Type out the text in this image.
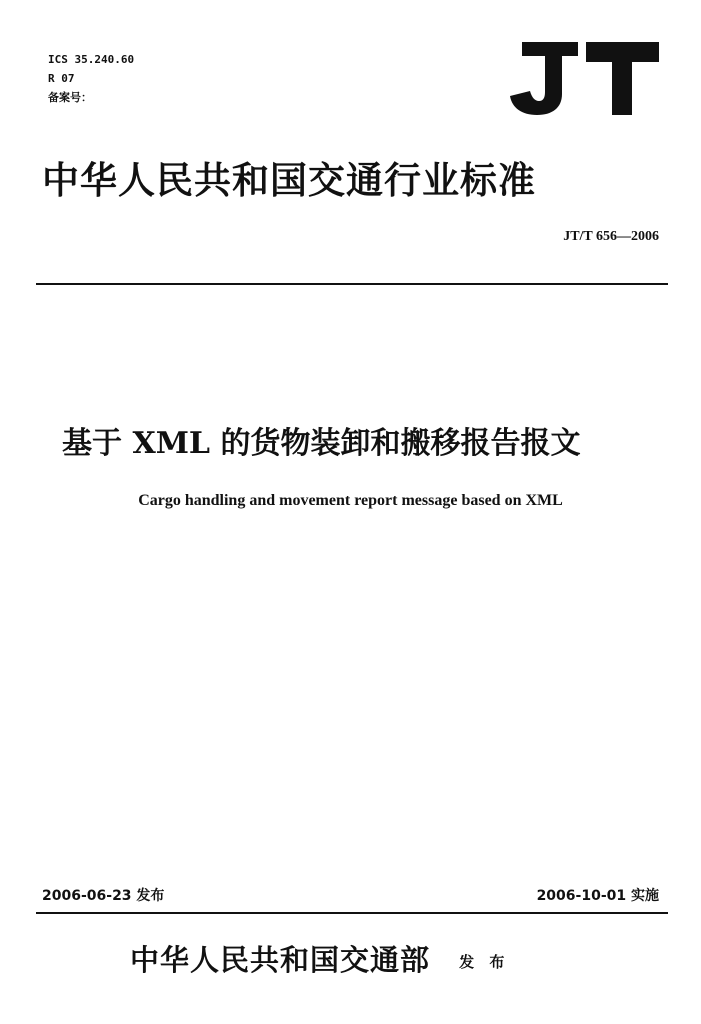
ICS 35.240.60
R 07
备案号：
中华人民共和国交通行业标准
JT/T 656—2006
基于 XML 的货物装卸和搬移报告报文
Cargo handling and movement report message based on XML
2006-06-23 发布	2006-10-01 实施
中华人民共和国交通部 发 布
